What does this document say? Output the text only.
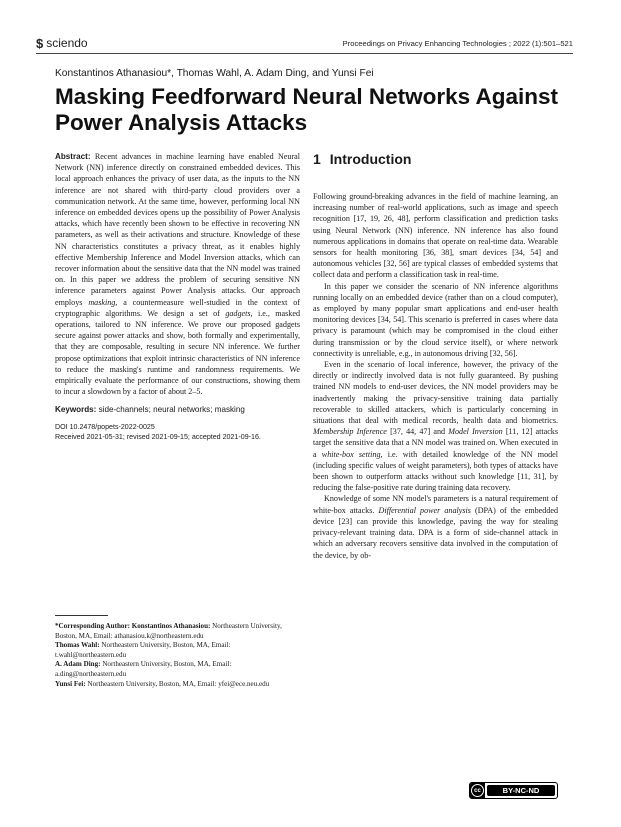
$ sciendo	Proceedings on Privacy Enhancing Technologies ; 2022 (1):501–521
Konstantinos Athanasiou*, Thomas Wahl, A. Adam Ding, and Yunsi Fei
Masking Feedforward Neural Networks Against Power Analysis Attacks
Abstract: Recent advances in machine learning have enabled Neural Network (NN) inference directly on constrained embedded devices. This local approach enhances the privacy of user data, as the inputs to the NN inference are not shared with third-party cloud providers over a communication network. At the same time, however, performing local NN inference on embedded devices opens up the possibility of Power Analysis attacks, which have recently been shown to be effective in recovering NN parameters, as well as their activations and structure. Knowledge of these NN characteristics constitutes a privacy threat, as it enables highly effective Membership Inference and Model Inversion attacks, which can recover information about the sensitive data that the NN model was trained on. In this paper we address the problem of securing sensitive NN inference parameters against Power Analysis attacks. Our approach employs masking, a countermeasure well-studied in the context of cryptographic algorithms. We design a set of gadgets, i.e., masked operations, tailored to NN inference. We prove our proposed gadgets secure against power attacks and show, both formally and experimentally, that they are composable, resulting in secure NN inference. We further propose optimizations that exploit intrinsic characteristics of NN inference to reduce the masking's runtime and randomness requirements. We empirically evaluate the performance of our constructions, showing them to incur a slowdown by a factor of about 2–5.
Keywords: side-channels; neural networks; masking
DOI 10.2478/popets-2022-0025
Received 2021-05-31; revised 2021-09-15; accepted 2021-09-16.

*Corresponding Author: Konstantinos Athanasiou: Northeastern University, Boston, MA, Email: athanasiou.k@northeastern.edu

Thomas Wahl: Northeastern University, Boston, MA, Email: t.wahl@northeastern.edu

A. Adam Ding: Northeastern University, Boston, MA, Email: a.ding@northeastern.edu

Yunsi Fei: Northeastern University, Boston, MA, Email: yfei@ece.neu.edu

1 Introduction

Following ground-breaking advances in the field of machine learning, an increasing number of real-world applications, such as image and speech recognition [17, 19, 26, 48], perform classification and prediction tasks using Neural Network (NN) inference. NN inference has also found numerous applications in domains that operate on real-time data. Wearable sensors for health monitoring [36, 38], smart devices [34, 54] and autonomous vehicles [32, 56] are typical classes of embedded systems that collect data and perform a classification task in real-time.

In this paper we consider the scenario of NN inference algorithms running locally on an embedded device (rather than on a cloud computer), as employed by many popular smart applications and end-user health monitoring devices [34, 54]. This scenario is preferred in cases where data privacy is paramount (which may be compromised in the cloud either during transmission or by the cloud service itself), or where network connectivity is unreliable, e.g., in autonomous driving [32, 56].

Even in the scenario of local inference, however, the privacy of the directly or indirectly involved data is not fully guaranteed. By pushing trained NN models to end-user devices, the NN model providers may be inadvertently making the privacy-sensitive training data partially recoverable to skilled attackers, which is particularly concerning in situations that deal with medical records, health data and biometrics. Membership Inference [37, 44, 47] and Model Inversion [11, 12] attacks target the sensitive data that a NN model was trained on. When executed in a white-box setting, i.e. with detailed knowledge of the NN model (including specific values of weight parameters), both types of attacks have been shown to outperform attacks without such knowledge [11, 31], by reducing the false-positive rate during training data recovery.

Knowledge of some NN model's parameters is a natural requirement of white-box attacks. Differential power analysis (DPA) of the embedded device [23] can provide this knowledge, paving the way for stealing privacy-relevant training data. DPA is a form of side-channel attack in which an adversary recovers sensitive data involved in the computation of the device, by ob-

cc	BY-NC-ND
